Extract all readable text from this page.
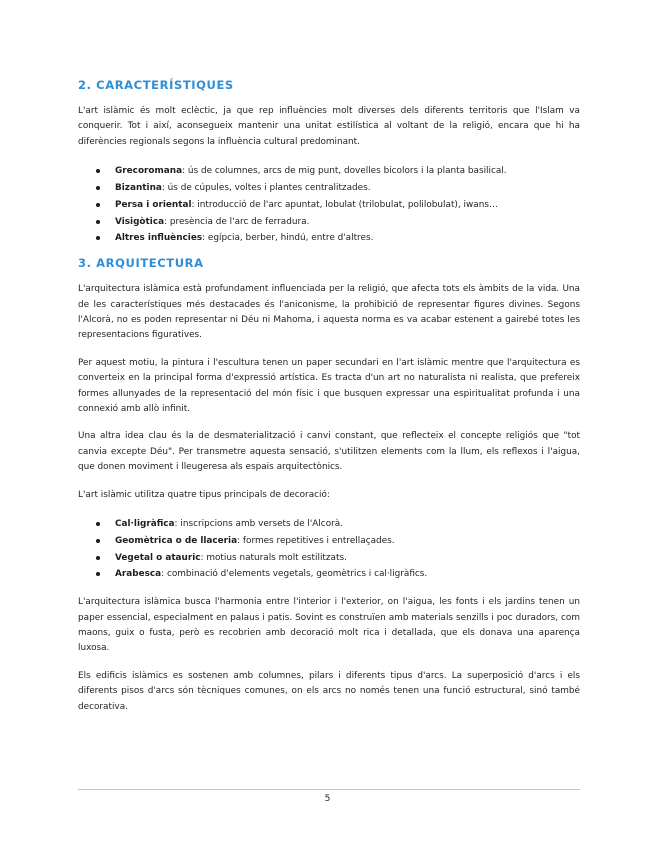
2. CARACTERÍSTIQUES

L'art islàmic és molt eclèctic, ja que rep influències molt diverses dels diferents territoris que l'Islam va conquerir. Tot i així, aconsegueix mantenir una unitat estilística al voltant de la religió, encara que hi ha diferències regionals segons la influència cultural predominant.

Grecoromana: ús de columnes, arcs de mig punt, dovelles bicolors i la planta basilical.
Bizantina: ús de cúpules, voltes i plantes centralitzades.
Persa i oriental: introducció de l'arc apuntat, lobulat (trilobulat, polilobulat), iwans…
Visigòtica: presència de l'arc de ferradura.
Altres influències: egípcia, berber, hindú, entre d'altres.
3. ARQUITECTURA

L'arquitectura islàmica està profundament influenciada per la religió, que afecta tots els àmbits de la vida. Una de les característiques més destacades és l'aniconisme, la prohibició de representar figures divines. Segons l'Alcorà, no es poden representar ni Déu ni Mahoma, i aquesta norma es va acabar estenent a gairebé totes les representacions figuratives.

Per aquest motiu, la pintura i l'escultura tenen un paper secundari en l'art islàmic mentre que l'arquitectura es converteix en la principal forma d'expressió artística. Es tracta d'un art no naturalista ni realista, que prefereix formes allunyades de la representació del món físic i que busquen expressar una espiritualitat profunda i una connexió amb allò infinit.

Una altra idea clau és la de desmaterialització i canvi constant, que reflecteix el concepte religiós que "tot canvia excepte Déu". Per transmetre aquesta sensació, s'utilitzen elements com la llum, els reflexos i l'aigua, que donen moviment i lleugeresa als espais arquitectònics.

L'art islàmic utilitza quatre tipus principals de decoració:

Cal·ligràfica: inscripcions amb versets de l'Alcorà.
Geomètrica o de llaceria: formes repetitives i entrellaçades.
Vegetal o atauric: motius naturals molt estilitzats.
Arabesca: combinació d'elements vegetals, geomètrics i cal·ligràfics.

L'arquitectura islàmica busca l'harmonia entre l'interior i l'exterior, on l'aigua, les fonts i els jardins tenen un paper essencial, especialment en palaus i patis. Sovint es construïen amb materials senzills i poc duradors, com maons, guix o fusta, però es recobrien amb decoració molt rica i detallada, que els donava una aparença luxosa.

Els edificis islàmics es sostenen amb columnes, pilars i diferents tipus d'arcs. La superposició d'arcs i els diferents pisos d'arcs són tècniques comunes, on els arcs no només tenen una funció estructural, sinó també decorativa.

5
